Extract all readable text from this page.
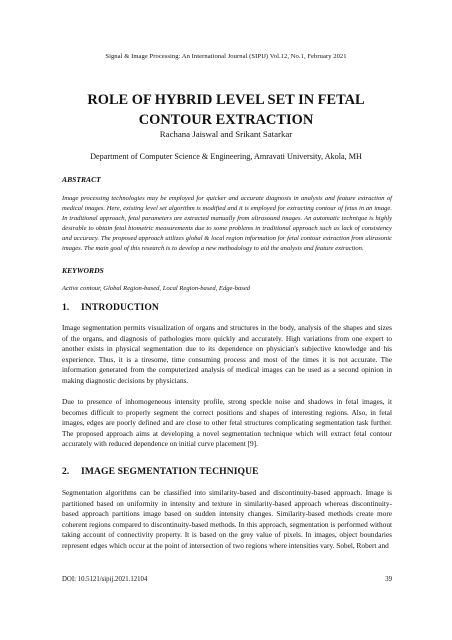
Signal & Image Processing: An International Journal (SIPIJ) Vol.12, No.1, February 2021
ROLE OF HYBRID LEVEL SET IN FETAL
CONTOUR EXTRACTION
Rachana Jaiswal and Srikant Satarkar
Department of Computer Science & Engineering, Amravati University, Akola, MH
ABSTRACT
Image processing technologies may be employed for quicker and accurate diagnosis in analysis and feature extraction of medical images. Here, existing level set algorithm is modified and it is employed for extracting contour of fetus in an image. In traditional approach, fetal parameters are extracted manually from ultrasound images. An automatic technique is highly desirable to obtain fetal biometric measurements due to some problems in traditional approach such as lack of consistency and accuracy. The proposed approach utilizes global & local region information for fetal contour extraction from ultrasonic images. The main goal of this research is to develop a new methodology to aid the analysis and feature extraction.
KEYWORDS
Active contour, Global Region-based, Local Region-based, Edge-based
1. INTRODUCTION
Image segmentation permits visualization of organs and structures in the body, analysis of the shapes and sizes of the organs, and diagnosis of pathologies more quickly and accurately. High variations from one expert to another exists in physical segmentation due to its dependence on physician's subjective knowledge and his experience. Thus, it is a tiresome, time consuming process and most of the times it is not accurate. The information generated from the computerized analysis of medical images can be used as a second opinion in making diagnostic decisions by physicians.
Due to presence of inhomogeneous intensity profile, strong speckle noise and shadows in fetal images, it becomes difficult to properly segment the correct positions and shapes of interesting regions. Also, in fetal images, edges are poorly defined and are close to other fetal structures complicating segmentation task further. The proposed approach aims at developing a novel segmentation technique which will extract fetal contour accurately with reduced dependence on initial curve placement [9].
2. IMAGE SEGMENTATION TECHNIQUE
Segmentation algorithms can be classified into similarity-based and discontinuity-based approach. Image is partitioned based on uniformity in intensity and texture in similarity-based approach whereas discontinuity-based approach partitions image based on sudden intensity changes. Similarity-based methods create more coherent regions compared to discontinuity-based methods. In this approach, segmentation is performed without taking account of connectivity property. It is based on the grey value of pixels. In images, object boundaries represent edges which occur at the point of intersection of two regions where intensities vary. Sobel, Robert and
DOI: 10.5121/sipij.2021.12104	39
